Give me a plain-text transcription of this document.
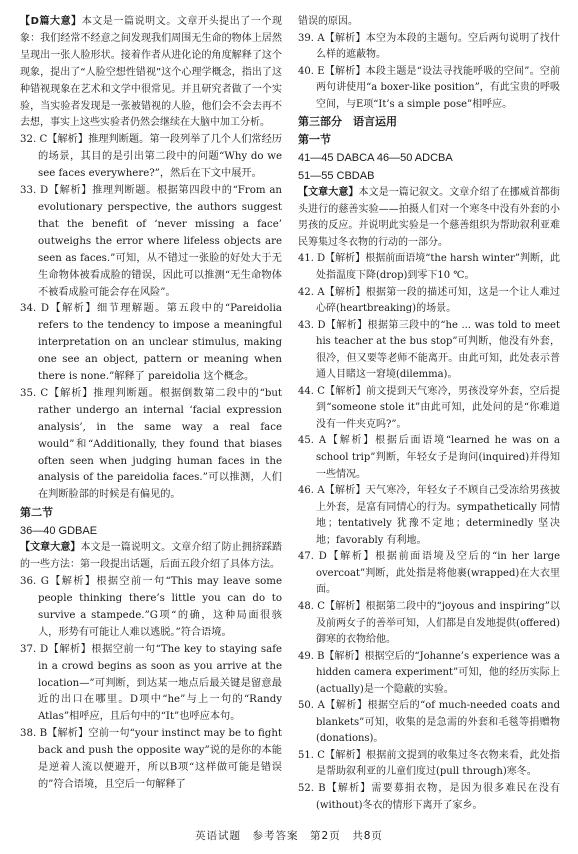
【D篇大意】本文是一篇说明文。文章开头提出了一个现象：我们经常不经意之间发现我们周围无生命的物体上居然呈现出一张人脸形状。接着作者从进化论的角度解释了这个现象，提出了“人脸空想性错视”这个心理学概念，指出了这种错视现象在艺术和文学中很常见。并且研究者做了一个实验，当实验者发现是一张被错视的人脸，他们会不会去再不去想，事实上这些实验者仍然会继续在大脑中加工分析。

32. C【解析】推理判断题。第一段列举了几个人们常经历的场景，其目的是引出第二段中的问题“Why do we see faces everywhere?”，然后在下文中展开。

33. D【解析】推理判断题。根据第四段中的“From an evolutionary perspective, the authors suggest that the benefit of ‘never missing a face’ outweighs the error where lifeless objects are seen as faces.”可知，从不错过一张脸的好处大于无生命物体被看成脸的错误，因此可以推测“无生命物体不被看成脸可能会存在风险”。

34. D【解析】细节理解题。第五段中的“Pareidolia refers to the tendency to impose a meaningful interpretation on an unclear stimulus, making one see an object, pattern or meaning when there is none.”解释了 pareidolia 这个概念。

35. C【解析】推理判断题。根据倒数第二段中的“but rather undergo an internal ‘facial expression analysis’, in the same way a real face would”和“Additionally, they found that biases often seen when judging human faces in the analysis of the pareidolia faces.”可以推测，人们在判断脸部的时候是有偏见的。

第二节

36—40 GDBAE

【文章大意】本文是一篇说明文。文章介绍了防止拥挤踩踏的一些方法：第一段提出话题，后面五段介绍了具体方法。

36. G【解析】根据空前一句“This may leave some people thinking there’s little you can do to survive a stampede.”G项“的确，这种局面很骇人，形势有可能让人难以逃脱。”符合语境。

37. D【解析】根据空前一句“The key to staying safe in a crowd begins as soon as you arrive at the location—”可判断，到达某一地点后最关键是留意最近的出口在哪里。D项中“he”与上一句的“Randy Atlas”相呼应，且后句中的“It”也呼应本句。

38. B【解析】空前一句“your instinct may be to fight back and push the opposite way”说的是你的本能是逆着人流以便避开，所以B项“这样做可能是错误的”符合语境，且空后一句解释了

错误的原因。

39. A【解析】本空为本段的主题句。空后两句说明了找什么样的遮蔽物。

40. E【解析】本段主题是“设法寻找能呼吸的空间”。空前两句讲使用“a boxer-like position”，有此宝贵的呼吸空间，与E项“It’s a simple pose”相呼应。

第三部分　语言运用

第一节

41—45 DABCA 46—50 ADCBA

51—55 CBDAB

【文章大意】本文是一篇记叙文。文章介绍了在挪威首都街头进行的慈善实验——拍摄人们对一个寒冬中没有外套的小男孩的反应。并说明此实验是一个慈善组织为帮助叙利亚难民筹集过冬衣物的行动的一部分。

41. D【解析】根据前面语境“the harsh winter”判断，此处指温度下降(drop)到零下10 ℃。

42. A【解析】根据第一段的描述可知，这是一个让人难过心碎(heartbreaking)的场景。

43. D【解析】根据第三段中的“he ... was told to meet his teacher at the bus stop”可判断，他没有外套，很冷，但又要等老师不能离开。由此可知，此处表示普通人目睹这一窘境(dilemma)。

44. C【解析】前文提到天气寒冷，男孩没穿外套，空后提到“someone stole it”由此可知，此处问的是“你难道没有一件夹克吗?”。

45. A【解析】根据后面语境“learned he was on a school trip”判断，年轻女子是询问(inquired)并得知一些情况。

46. A【解析】天气寒冷，年轻女子不顾自己受冻给男孩披上外套，是富有同情心的行为。sympathetically 同情地；tentatively 犹豫不定地；determinedly 坚决地；favorably 有利地。

47. D【解析】根据前面语境及空后的“in her large overcoat”判断，此处指是将他裹(wrapped)在大衣里面。

48. C【解析】根据第二段中的“joyous and inspiring”以及前两女子的善举可知，人们都是自发地提供(offered)御寒的衣物给他。

49. B【解析】根据空后的“Johanne’s experience was a hidden camera experiment”可知，他的经历实际上(actually)是一个隐蔽的实验。

50. A【解析】根据空后的“of much-needed coats and blankets”可知，收集的是急需的外套和毛毯等捐赠物(donations)。

51. C【解析】根据前文提到的收集过冬衣物来看，此处指是帮助叙利亚的儿童们度过(pull through)寒冬。

52. B【解析】需要募捐衣物，是因为很多难民在没有(without)冬衣的情形下离开了家乡。

英语试题　参考答案　第2页　共8页
